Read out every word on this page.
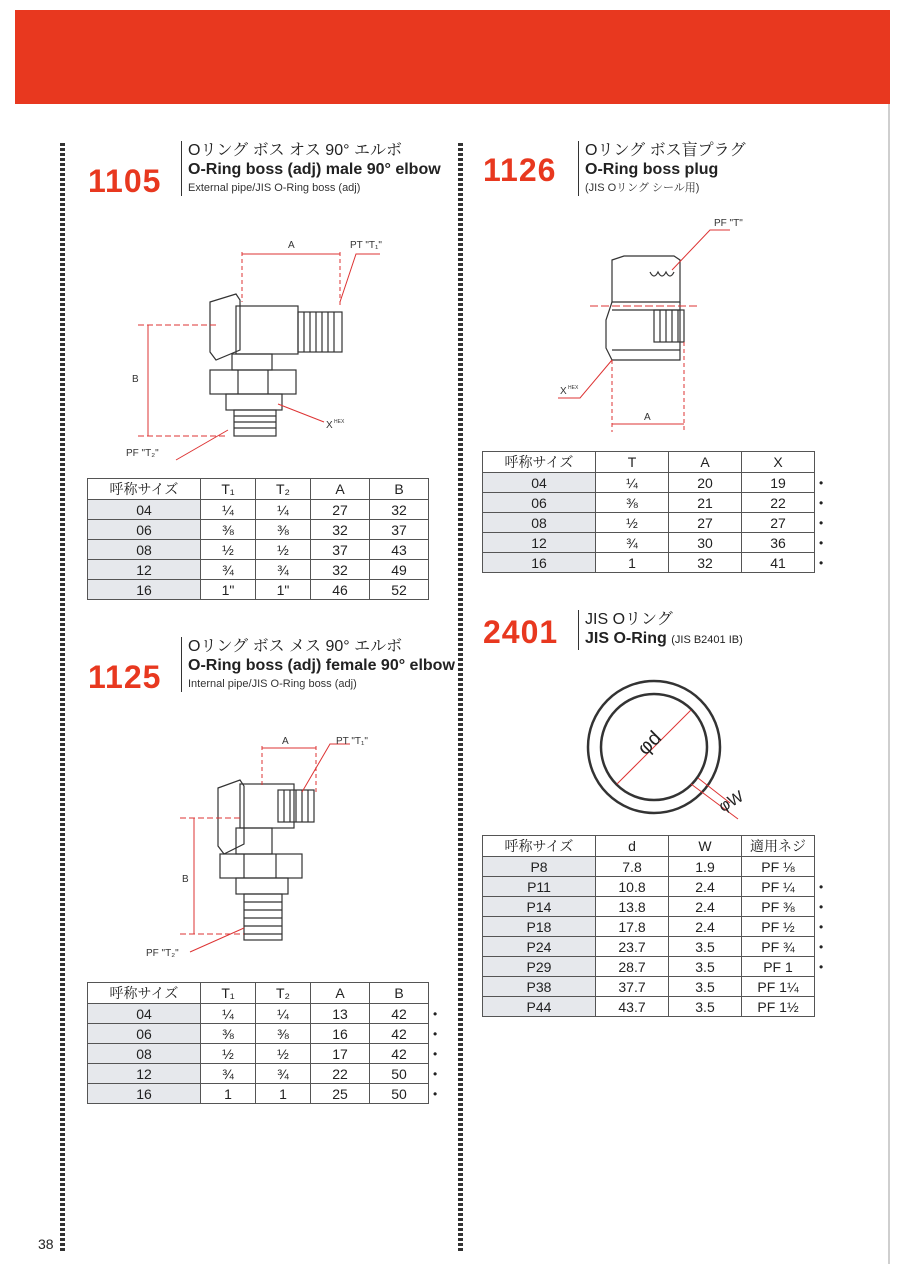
1105
Oリング ボス オス 90° エルボ
O-Ring boss (adj) male 90° elbow
External pipe/JIS O-Ring boss (adj)
A	PT "T₁"
B
X HEX
PF "T₂"
呼称サイズ	T₁	T₂	A	B	
04	¼	¼	27	32	
06	⅜	⅜	32	37	
08	½	½	37	43	
12	¾	¾	32	49	
16	1"	1"	46	52	
1125
Oリング ボス メス 90° エルボ
O-Ring boss (adj) female 90° elbow
Internal pipe/JIS O-Ring boss (adj)
A	PT "T₁"
B
PF "T₂"
呼称サイズ	T₁	T₂	A	B	
04	¼	¼	13	42	•
06	⅜	⅜	16	42	•
08	½	½	17	42	•
12	¾	¾	22	50	•
16	1	1	25	50	•
1126
Oリング ボス盲プラグ
O-Ring boss plug
(JIS Oリング シール用)
PF "T"
A
X HEX
呼称サイズ	T	A	X	
04	¼	20	19	•
06	⅜	21	22	•
08	½	27	27	•
12	¾	30	36	•
16	1	32	41	•
2401 JIS Oリング
JIS O-Ring (JIS B2401 IB)
φd
φW
呼称サイズ	d	W	適用ネジ	
P8	7.8	1.9	PF ⅛	
P11	10.8	2.4	PF ¼	•
P14	13.8	2.4	PF ⅜	•
P18	17.8	2.4	PF ½	•
P24	23.7	3.5	PF ¾	•
P29	28.7	3.5	PF 1	•
P38	37.7	3.5	PF 1¼	
P44	43.7	3.5	PF 1½	
38
